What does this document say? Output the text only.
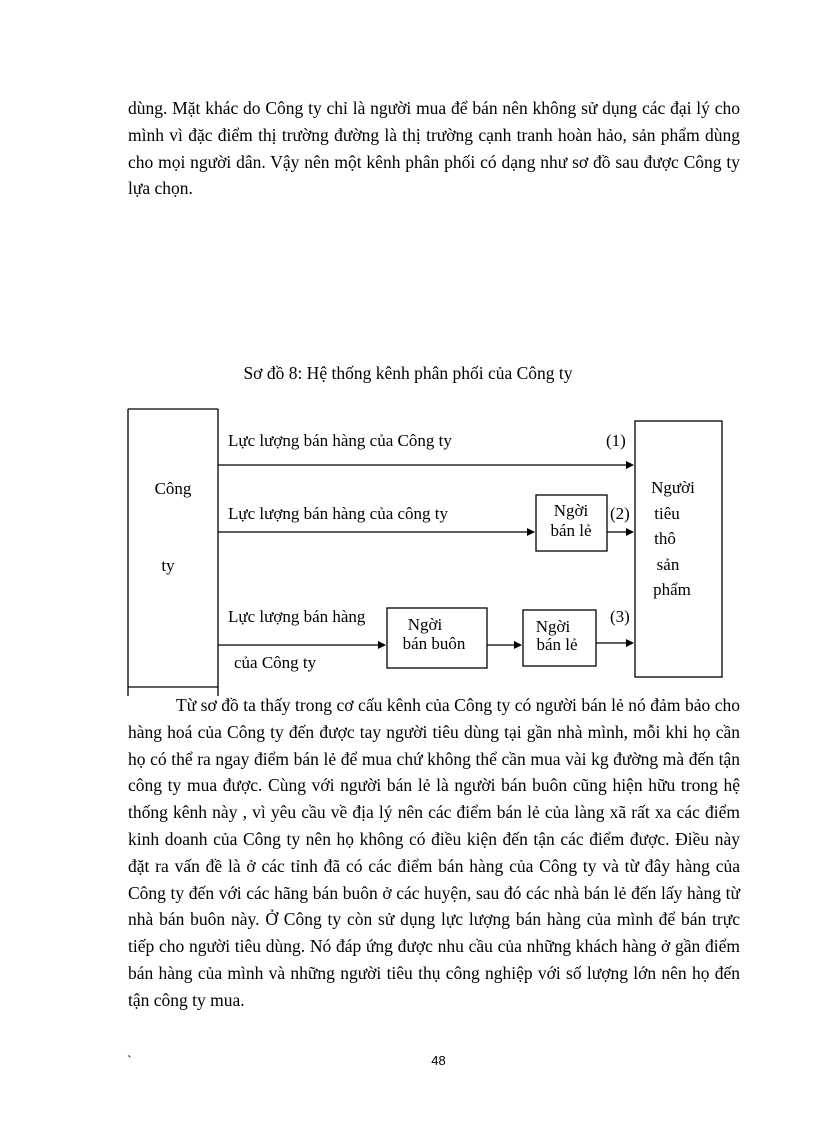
dùng. Mặt khác do Công ty chỉ là người mua để bán nên không sử dụng các đại lý cho mình vì đặc điểm thị trường đường là thị trường cạnh tranh hoàn hảo, sản phẩm dùng cho mọi người dân. Vậy nên một kênh phân phối có dạng như sơ đồ sau được Công ty lựa chọn.

Sơ đồ 8: Hệ thống kênh phân phối của Công ty

Công
ty
Người
tiêu
thô
sản
phẩm
Lực lượng bán hàng của Công ty	(1)
Lực lượng bán hàng của công ty	Ngời
bán lẻ
(2)
Lực lượng bán hàng
của Công ty
Ngời
bán buôn
Ngời
bán lẻ
(3)

Từ sơ đồ ta thấy trong cơ cấu kênh của Công ty có người bán lẻ nó đảm bảo cho hàng hoá của Công ty đến được tay người tiêu dùng tại gần nhà mình, mỗi khi họ cần họ có thể ra ngay điểm bán lẻ để mua chứ không thể cần mua vài kg đường mà đến tận công ty mua được. Cùng với người bán lẻ là người bán buôn cũng hiện hữu trong hệ thống kênh này , vì yêu cầu về địa lý nên các điểm bán lẻ của làng xã rất xa các điểm kinh doanh của Công ty nên họ không có điều kiện đến tận các điểm được. Điều này đặt ra vấn đề là ở các tỉnh đã có các điểm bán hàng của Công ty và từ đây hàng của Công ty đến với các hãng bán buôn ở các huyện, sau đó các nhà bán lẻ đến lấy hàng từ nhà bán buôn này. Ở Công ty còn sử dụng lực lượng bán hàng của mình để bán trực tiếp cho người tiêu dùng. Nó đáp ứng được nhu cầu của những khách hàng ở gần điểm bán hàng của mình và những người tiêu thụ công nghiệp với số lượng lớn nên họ đến tận công ty mua.

`	48
